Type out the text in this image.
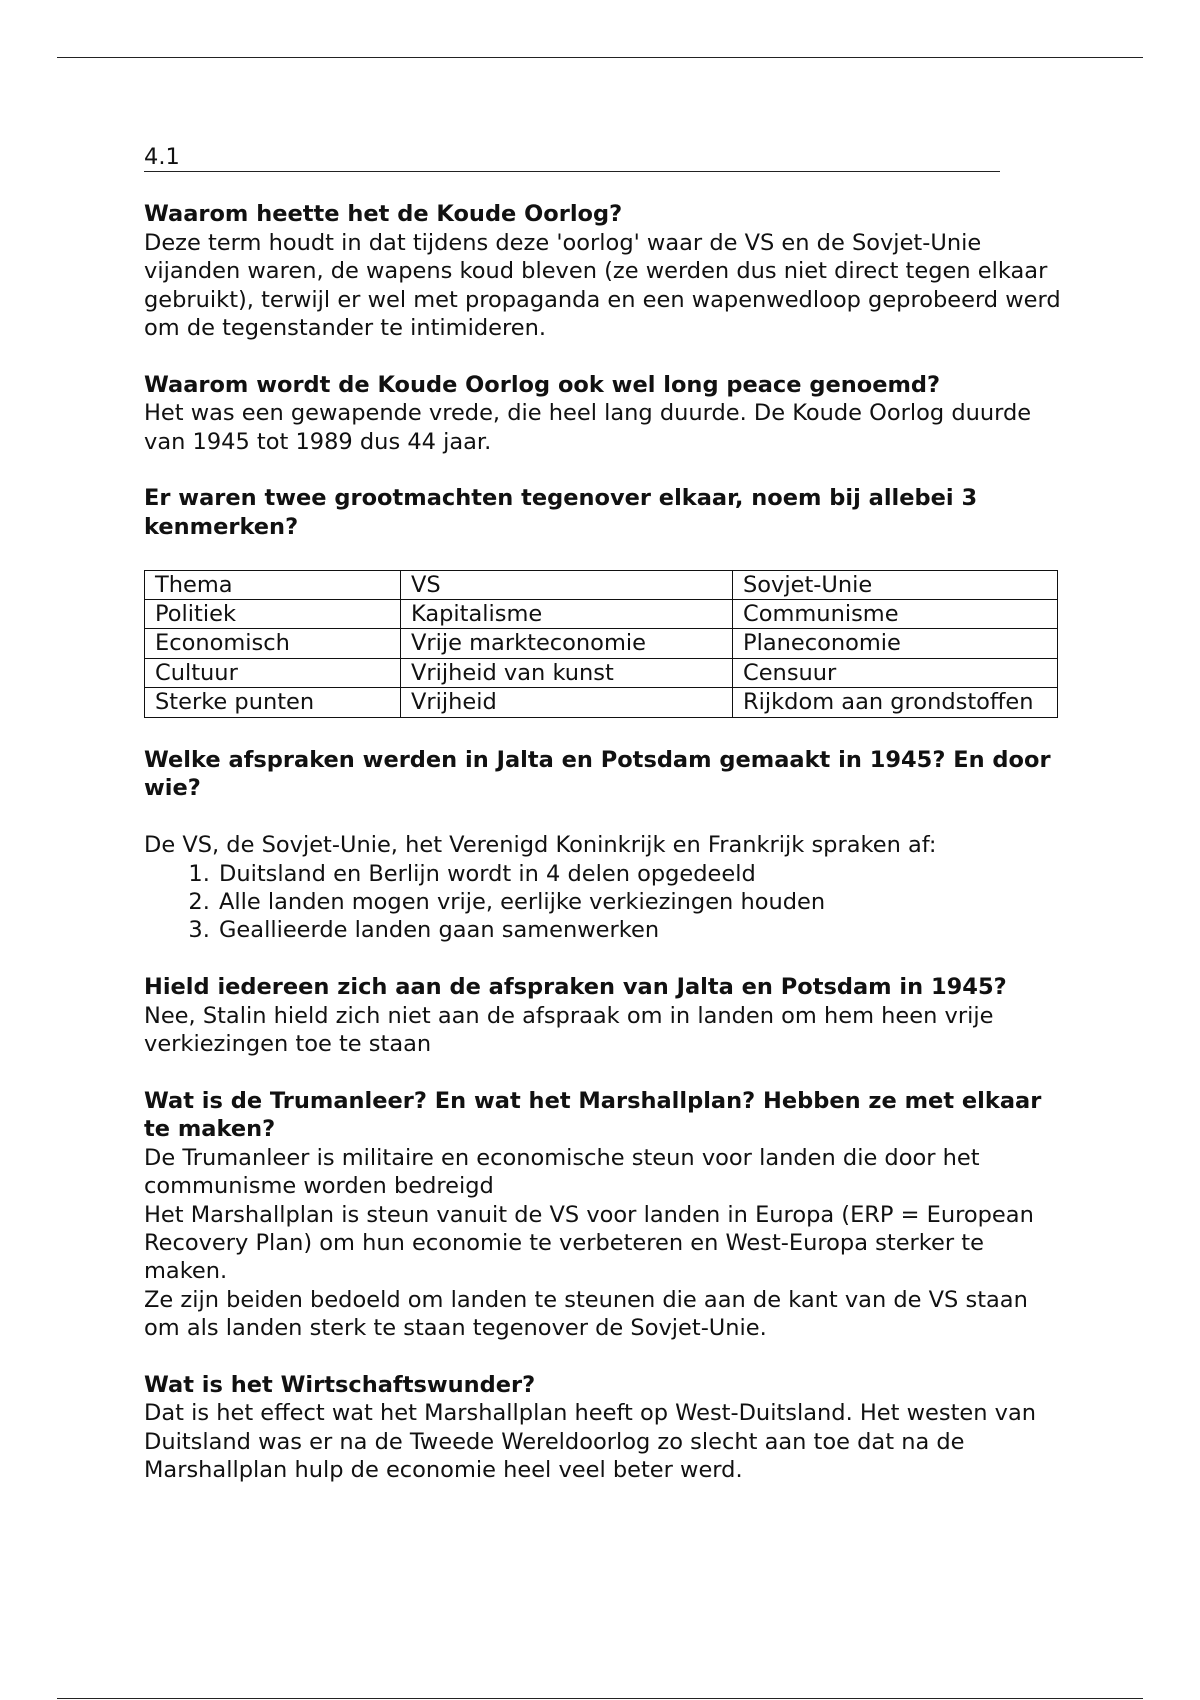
4.1

Waarom heette het de Koude Oorlog?

Deze term houdt in dat tijdens deze 'oorlog' waar de VS en de Sovjet-Unie vijanden waren, de wapens koud bleven (ze werden dus niet direct tegen elkaar gebruikt), terwijl er wel met propaganda en een wapenwedloop geprobeerd werd om de tegenstander te intimideren.

Waarom wordt de Koude Oorlog ook wel long peace genoemd?

Het was een gewapende vrede, die heel lang duurde. De Koude Oorlog duurde van 1945 tot 1989 dus 44 jaar.

Er waren twee grootmachten tegenover elkaar, noem bij allebei 3 kenmerken?

Thema	VS	Sovjet-Unie
Politiek	Kapitalisme	Communisme
Economisch	Vrije markteconomie	Planeconomie
Cultuur	Vrijheid van kunst	Censuur
Sterke punten	Vrijheid	Rijkdom aan grondstoffen

Welke afspraken werden in Jalta en Potsdam gemaakt in 1945? En door wie?

De VS, de Sovjet-Unie, het Verenigd Koninkrijk en Frankrijk spraken af:

1. Duitsland en Berlijn wordt in 4 delen opgedeeld
2. Alle landen mogen vrije, eerlijke verkiezingen houden
3. Geallieerde landen gaan samenwerken

Hield iedereen zich aan de afspraken van Jalta en Potsdam in 1945?

Nee, Stalin hield zich niet aan de afspraak om in landen om hem heen vrije verkiezingen toe te staan

Wat is de Trumanleer? En wat het Marshallplan? Hebben ze met elkaar te maken?

De Trumanleer is militaire en economische steun voor landen die door het communisme worden bedreigd

Het Marshallplan is steun vanuit de VS voor landen in Europa (ERP = European Recovery Plan) om hun economie te verbeteren en West-Europa sterker te maken.

Ze zijn beiden bedoeld om landen te steunen die aan de kant van de VS staan om als landen sterk te staan tegenover de Sovjet-Unie.

Wat is het Wirtschaftswunder?

Dat is het effect wat het Marshallplan heeft op West-Duitsland. Het westen van Duitsland was er na de Tweede Wereldoorlog zo slecht aan toe dat na de Marshallplan hulp de economie heel veel beter werd.
